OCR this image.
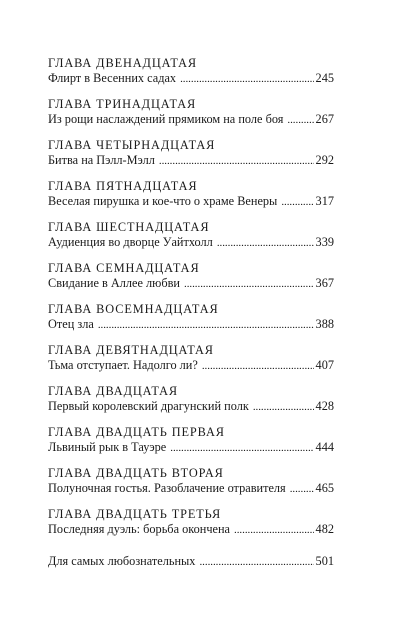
ГЛАВА ДВЕНАДЦАТАЯ
Флирт в Весенних садах . . .	245
ГЛАВА ТРИНАДЦАТАЯ
Из рощи наслаждений прямиком на поле боя . . .	267
ГЛАВА ЧЕТЫРНАДЦАТАЯ
Битва на Пэлл-Мэлл . . .	292
ГЛАВА ПЯТНАДЦАТАЯ
Веселая пирушка и кое-что о храме Венеры . . .	317
ГЛАВА ШЕСТНАДЦАТАЯ
Аудиенция во дворце Уайтхолл . . .	339
ГЛАВА СЕМНАДЦАТАЯ
Свидание в Аллее любви . . .	367
ГЛАВА ВОСЕМНАДЦАТАЯ
Отец зла . . .	388
ГЛАВА ДЕВЯТНАДЦАТАЯ
Тьма отступает. Надолго ли? . . .	407
ГЛАВА ДВАДЦАТАЯ
Первый королевский драгунский полк . . .	428
ГЛАВА ДВАДЦАТЬ ПЕРВАЯ
Львиный рык в Тауэре . . .	444
ГЛАВА ДВАДЦАТЬ ВТОРАЯ
Полуночная гостья. Разоблачение отравителя . . . 465
ГЛАВА ДВАДЦАТЬ ТРЕТЬЯ
Последняя дуэль: борьба окончена . . .	482
Для самых любознательных . . .	501
